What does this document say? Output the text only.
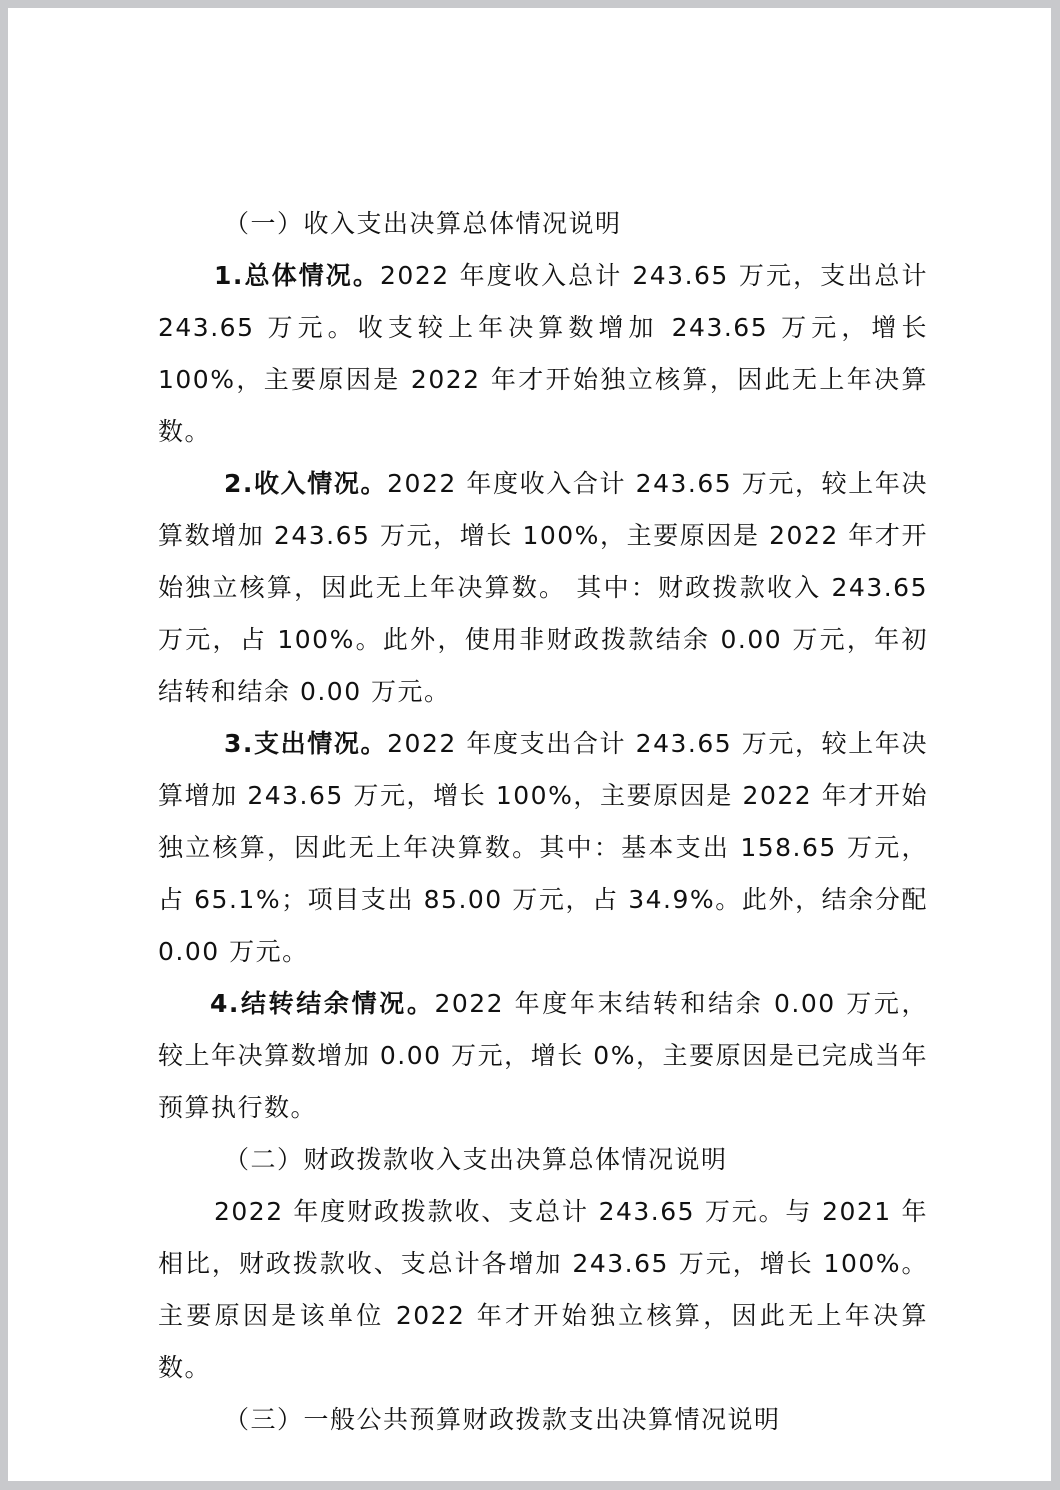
（一）收入支出决算总体情况说明

1.总体情况。2022 年度收入总计 243.65 万元，支出总计 243.65 万元。收支较上年决算数增加 243.65 万元，增长 100%，主要原因是 2022 年才开始独立核算，因此无上年决算数。

2.收入情况。2022 年度收入合计 243.65 万元，较上年决算数增加 243.65 万元，增长 100%，主要原因是 2022 年才开始独立核算，因此无上年决算数。 其中：财政拨款收入 243.65 万元，占 100%。此外，使用非财政拨款结余 0.00 万元，年初结转和结余 0.00 万元。

3.支出情况。2022 年度支出合计 243.65 万元，较上年决算增加 243.65 万元，增长 100%，主要原因是 2022 年才开始独立核算，因此无上年决算数。其中：基本支出 158.65 万元，占 65.1%；项目支出 85.00 万元，占 34.9%。此外，结余分配 0.00 万元。

4.结转结余情况。2022 年度年末结转和结余 0.00 万元，较上年决算数增加 0.00 万元，增长 0%，主要原因是已完成当年预算执行数。

（二）财政拨款收入支出决算总体情况说明

2022 年度财政拨款收、支总计 243.65 万元。与 2021 年相比，财政拨款收、支总计各增加 243.65 万元，增长 100%。主要原因是该单位 2022 年才开始独立核算，因此无上年决算数。

（三）一般公共预算财政拨款支出决算情况说明
